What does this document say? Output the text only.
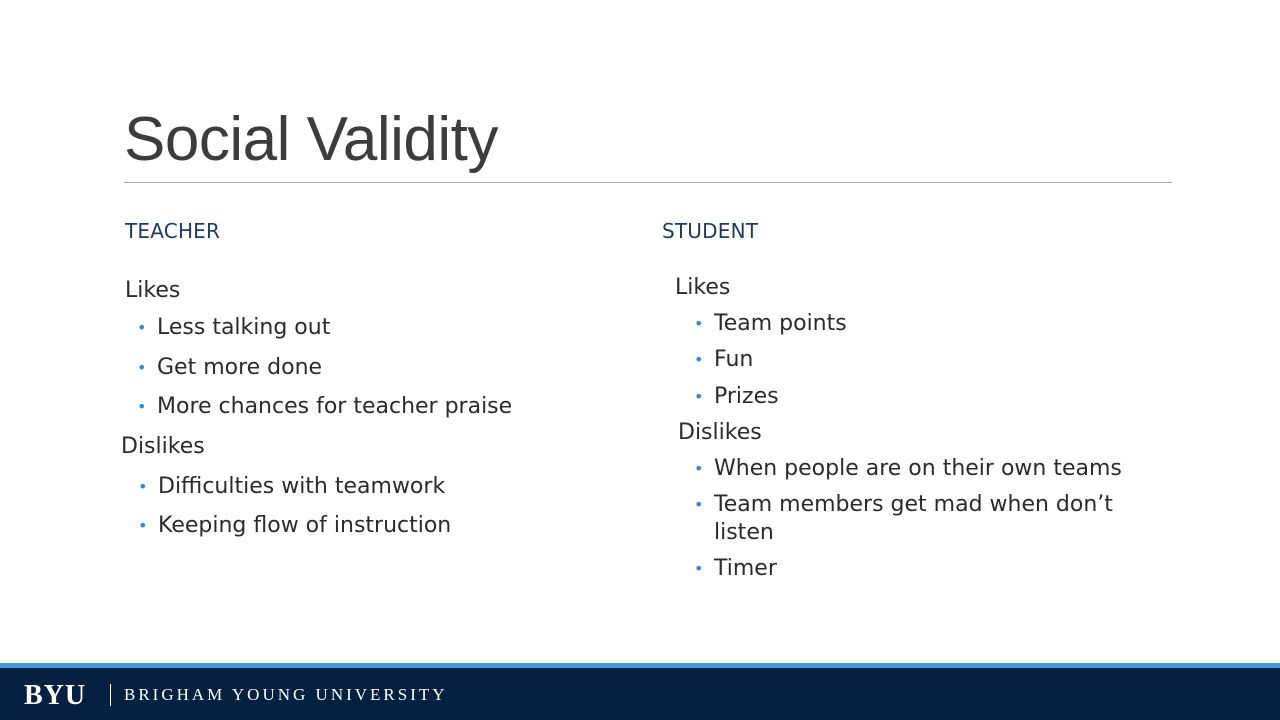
Social Validity
TEACHER
Likes
• Less talking out
• Get more done
• More chances for teacher praise
Dislikes
• Difficulties with teamwork
• Keeping flow of instruction
STUDENT
Likes
• Team points
• Fun
• Prizes
Dislikes
• When people are on their own teams
• Team members get mad when don’t listen
• Timer
BYU BRIGHAM YOUNG UNIVERSITY
